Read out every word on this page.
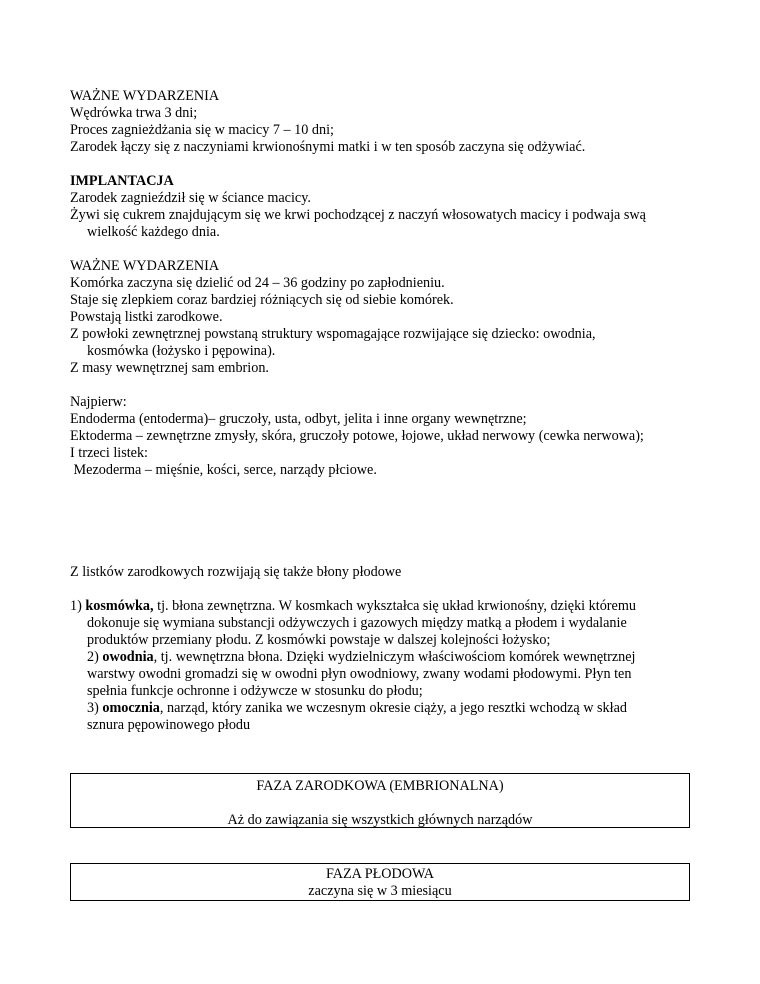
WAŻNE WYDARZENIA
Wędrówka trwa 3 dni;
Proces zagnieżdżania się w macicy 7 – 10 dni;
Zarodek łączy się z naczyniami krwionośnymi matki i w ten sposób zaczyna się odżywiać.
IMPLANTACJA
Zarodek zagnieździł się w ściance macicy.
Żywi się cukrem znajdującym się we krwi pochodzącej z naczyń włosowatych macicy i podwaja swą
wielkość każdego dnia.
WAŻNE WYDARZENIA
Komórka zaczyna się dzielić od 24 – 36 godziny po zapłodnieniu.
Staje się zlepkiem coraz bardziej różniących się od siebie komórek.
Powstają listki zarodkowe.
Z powłoki zewnętrznej powstaną struktury wspomagające rozwijające się dziecko: owodnia,
kosmówka (łożysko i pępowina).
Z masy wewnętrznej sam embrion.
Najpierw:
Endoderma (entoderma)– gruczoły, usta, odbyt, jelita i inne organy wewnętrzne;
Ektoderma – zewnętrzne zmysły, skóra, gruczoły potowe, łojowe, układ nerwowy (cewka nerwowa);
I trzeci listek:
Mezoderma – mięśnie, kości, serce, narządy płciowe.
Z listków zarodkowych rozwijają się także błony płodowe
1) kosmówka, tj. błona zewnętrzna. W kosmkach wykształca się układ krwionośny, dzięki któremu
dokonuje się wymiana substancji odżywczych i gazowych między matką a płodem i wydalanie
produktów przemiany płodu. Z kosmówki powstaje w dalszej kolejności łożysko;
2) owodnia, tj. wewnętrzna błona. Dzięki wydzielniczym właściwościom komórek wewnętrznej
warstwy owodni gromadzi się w owodni płyn owodniowy, zwany wodami płodowymi. Płyn ten
spełnia funkcje ochronne i odżywcze w stosunku do płodu;
3) omocznia, narząd, który zanika we wczesnym okresie ciąży, a jego resztki wchodzą w skład
sznura pępowinowego płodu
FAZA ZARODKOWA (EMBRIONALNA)
Aż do zawiązania się wszystkich głównych narządów
FAZA PŁODOWA
zaczyna się w 3 miesiącu
